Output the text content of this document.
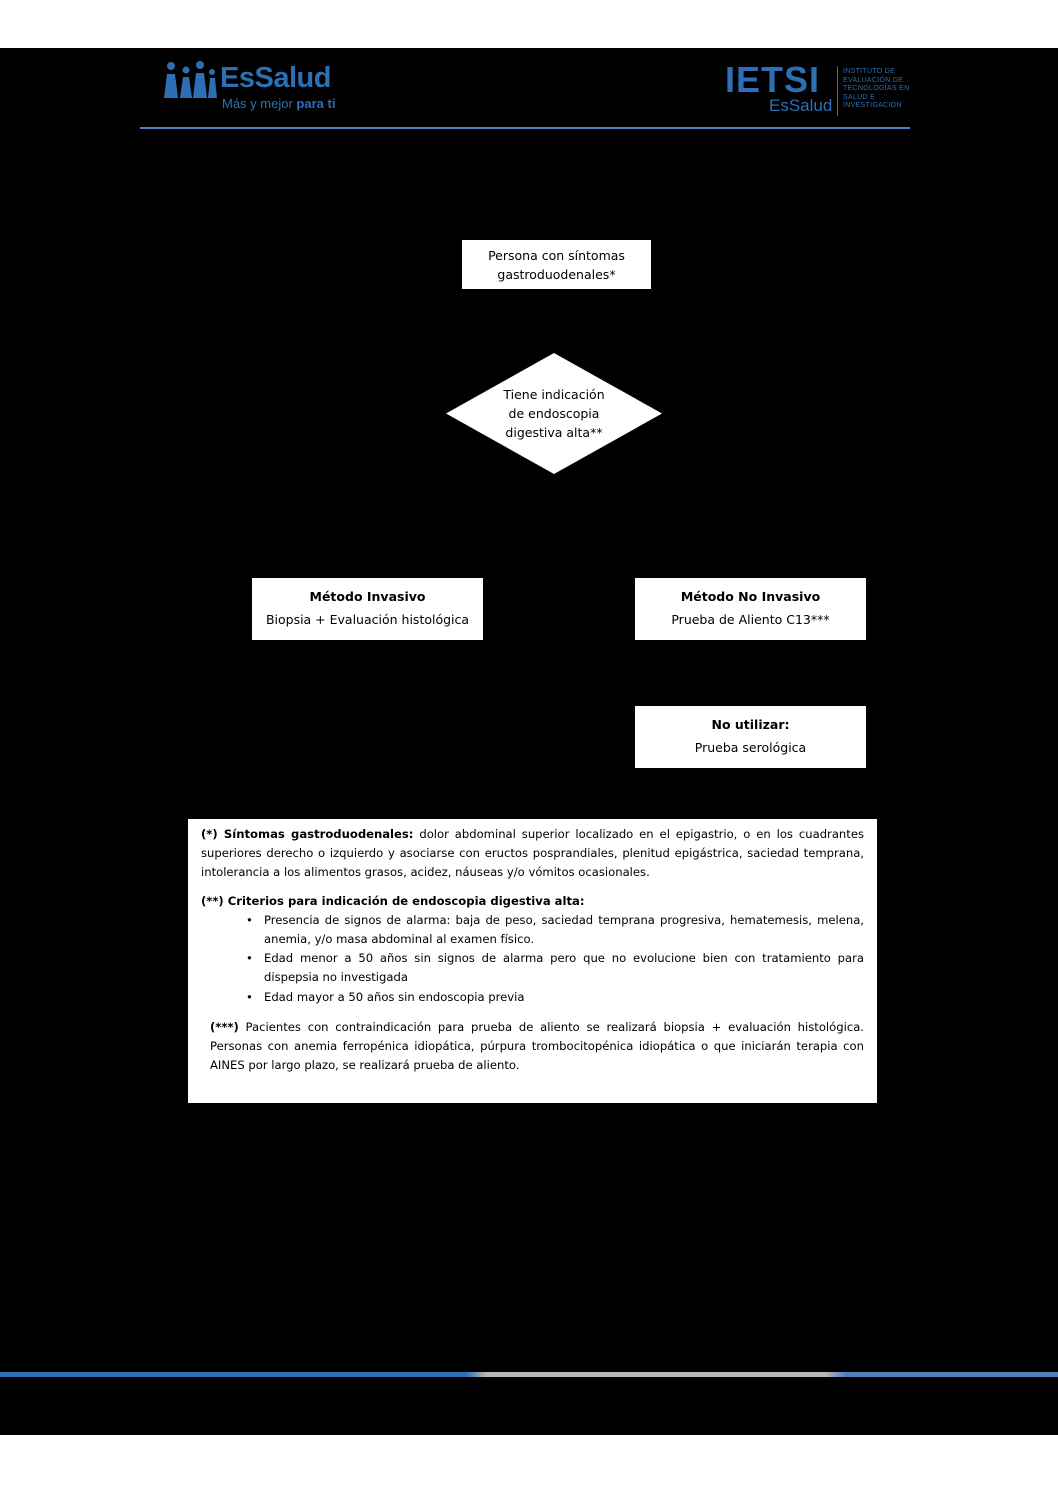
EsSalud
Más y mejor para ti
IETSI
EsSalud
INSTITUTO DE
EVALUACIÓN DE
TECNOLOGÍAS EN
SALUD E
INVESTIGACIÓN
Persona con síntomas
gastroduodenales*
Tiene indicación
de endoscopia
digestiva alta**
Método Invasivo
Biopsia + Evaluación histológica
Método No Invasivo
Prueba de Aliento C13***
No utilizar:
Prueba serológica

(*) Síntomas gastroduodenales: dolor abdominal superior localizado en el epigastrio, o en los cuadrantes superiores derecho o izquierdo y asociarse con eructos posprandiales, plenitud epigástrica, saciedad temprana, intolerancia a los alimentos grasos, acidez, náuseas y/o vómitos ocasionales.

(**) Criterios para indicación de endoscopia digestiva alta:

• Presencia de signos de alarma: baja de peso, saciedad temprana progresiva, hematemesis, melena, anemia, y/o masa abdominal al examen físico.
• Edad menor a 50 años sin signos de alarma pero que no evolucione bien con tratamiento para dispepsia no investigada
• Edad mayor a 50 años sin endoscopia previa

(***) Pacientes con contraindicación para prueba de aliento se realizará biopsia + evaluación histológica. Personas con anemia ferropénica idiopática, púrpura trombocitopénica idiopática o que iniciarán terapia con AINES por largo plazo, se realizará prueba de aliento.
